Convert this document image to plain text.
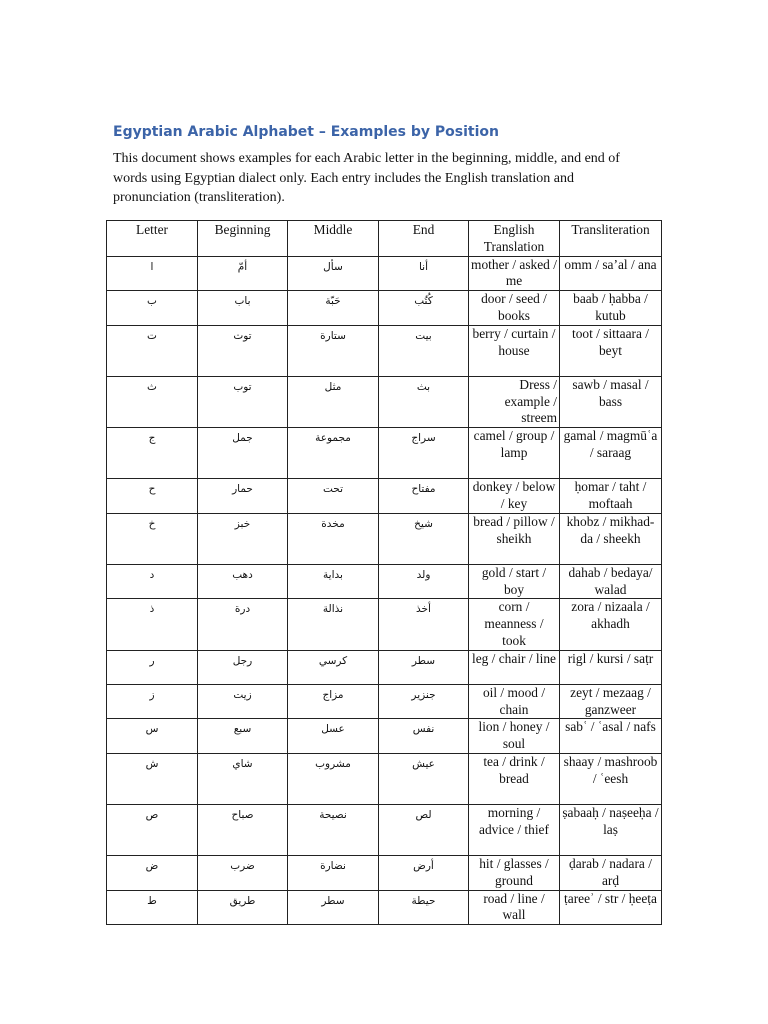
Egyptian Arabic Alphabet – Examples by Position
This document shows examples for each Arabic letter in the beginning, middle, and end of words using Egyptian dialect only. Each entry includes the English translation and pronunciation (transliteration).
Letter	Beginning	Middle	End	English Translation	Transliteration
ا	أمّ	سأل	أنا	mother / asked / me	omm / sa’al / ana
ب	باب	حَبّة	كُتُب	door / seed / books	baab / ḥabba / kutub
ت	توت	ستارة	بيت	berry / curtain / house	toot / sittaara / beyt
ث	توب	مثل	بث	Dress / example / streem	sawb / masal / bass
ج	جمل	مجموعة	سراج	camel / group / lamp	gamal / magmūʿa / saraag
ح	حمار	تحت	مفتاح	donkey / below / key	ḥomar / taht / moftaah
خ	خبز	مخدة	شيخ	bread / pillow / sheikh	khobz / mikhad-da / sheekh
د	دهب	بداية	ولد	gold / start / boy	dahab / bedaya/ walad
ذ	درة	نذالة	أخذ	corn / meanness / took	zora / nizaala / akhadh
ر	رجل	كرسي	سطر	leg / chair / line	rigl / kursi / saṭr
ز	زيت	مزاج	جنزير	oil / mood / chain	zeyt / mezaag / ganzweer
س	سبع	عسل	نفس	lion / honey / soul	sabʿ / ʿasal / nafs
ش	شاي	مشروب	عيش	tea / drink / bread	shaay / mashroob / ʿeesh
ص	صباح	نصيحة	لص	morning / advice / thief	ṣabaaḥ / naṣeeḥa / laṣ
ض	ضرب	نضارة	أرض	hit / glasses / ground	ḍarab / nadara / arḍ
ط	طريق	سطر	حيطة	road / line / wall	ṭareeʾ / str / ḥeeṭa
